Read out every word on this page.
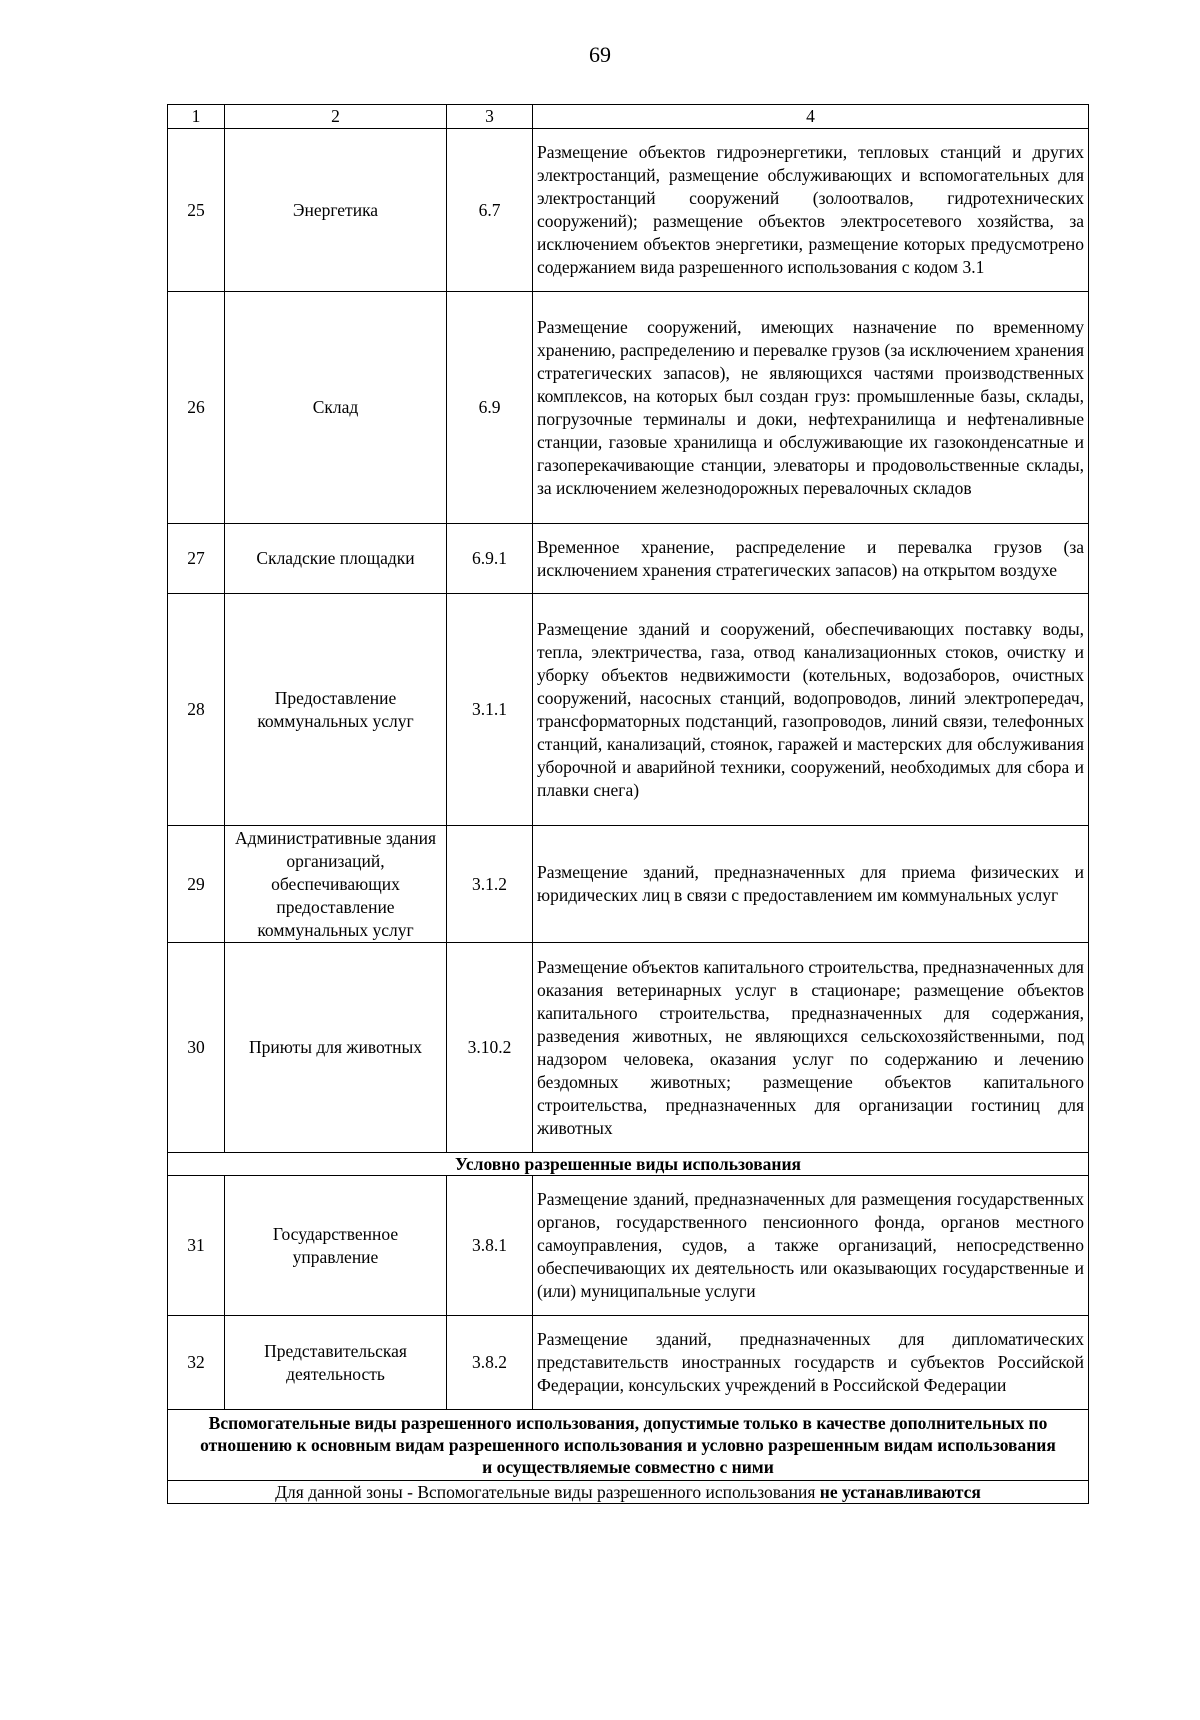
69
1	2	3	4
25	Энергетика	6.7	Размещение объектов гидроэнергетики, тепловых станций и других электростанций, размещение обслуживающих и вспомогательных для электростанций сооружений (золоотвалов, гидротехнических сооружений); размещение объектов электросетевого хозяйства, за исключением объектов энергетики, размещение которых предусмотрено содержанием вида разрешенного использования с кодом 3.1
26	Склад	6.9	Размещение сооружений, имеющих назначение по временному хранению, распределению и перевалке грузов (за исключением хранения стратегических запасов), не являющихся частями производственных комплексов, на которых был создан груз: промышленные базы, склады, погрузочные терминалы и доки, нефтехранилища и нефтеналивные станции, газовые хранилища и обслуживающие их газоконденсатные и газоперекачивающие станции, элеваторы и продовольственные склады, за исключением железнодорожных перевалочных складов
27	Складские площадки	6.9.1	Временное хранение, распределение и перевалка грузов (за исключением хранения стратегических запасов) на открытом воздухе
28	Предоставление коммунальных услуг	3.1.1	Размещение зданий и сооружений, обеспечивающих поставку воды, тепла, электричества, газа, отвод канализационных стоков, очистку и уборку объектов недвижимости (котельных, водозаборов, очистных сооружений, насосных станций, водопроводов, линий электропередач, трансформаторных подстанций, газопроводов, линий связи, телефонных станций, канализаций, стоянок, гаражей и мастерских для обслуживания уборочной и аварийной техники, сооружений, необходимых для сбора и плавки снега)
29	Административные здания организаций, обеспечивающих предоставление коммунальных услуг	3.1.2	Размещение зданий, предназначенных для приема физических и юридических лиц в связи с предоставлением им коммунальных услуг
30	Приюты для животных	3.10.2	Размещение объектов капитального строительства, предназначенных для оказания ветеринарных услуг в стационаре; размещение объектов капитального строительства, предназначенных для содержания, разведения животных, не являющихся сельскохозяйственными, под надзором человека, оказания услуг по содержанию и лечению бездомных животных; размещение объектов капитального строительства, предназначенных для организации гостиниц для животных
Условно разрешенные виды использования			
31	Государственное управление	3.8.1	Размещение зданий, предназначенных для размещения государственных органов, государственного пенсионного фонда, органов местного самоуправления, судов, а также организаций, непосредственно обеспечивающих их деятельность или оказывающих государственные и (или) муниципальные услуги
32	Представительская деятельность	3.8.2	Размещение зданий, предназначенных для дипломатических представительств иностранных государств и субъектов Российской Федерации, консульских учреждений в Российской Федерации
Вспомогательные виды разрешенного использования, допустимые только в качестве дополнительных по отношению к основным видам разрешенного использования и условно разрешенным видам использования и осуществляемые совместно с ними			
Для данной зоны - Вспомогательные виды разрешенного использования не устанавливаются			
